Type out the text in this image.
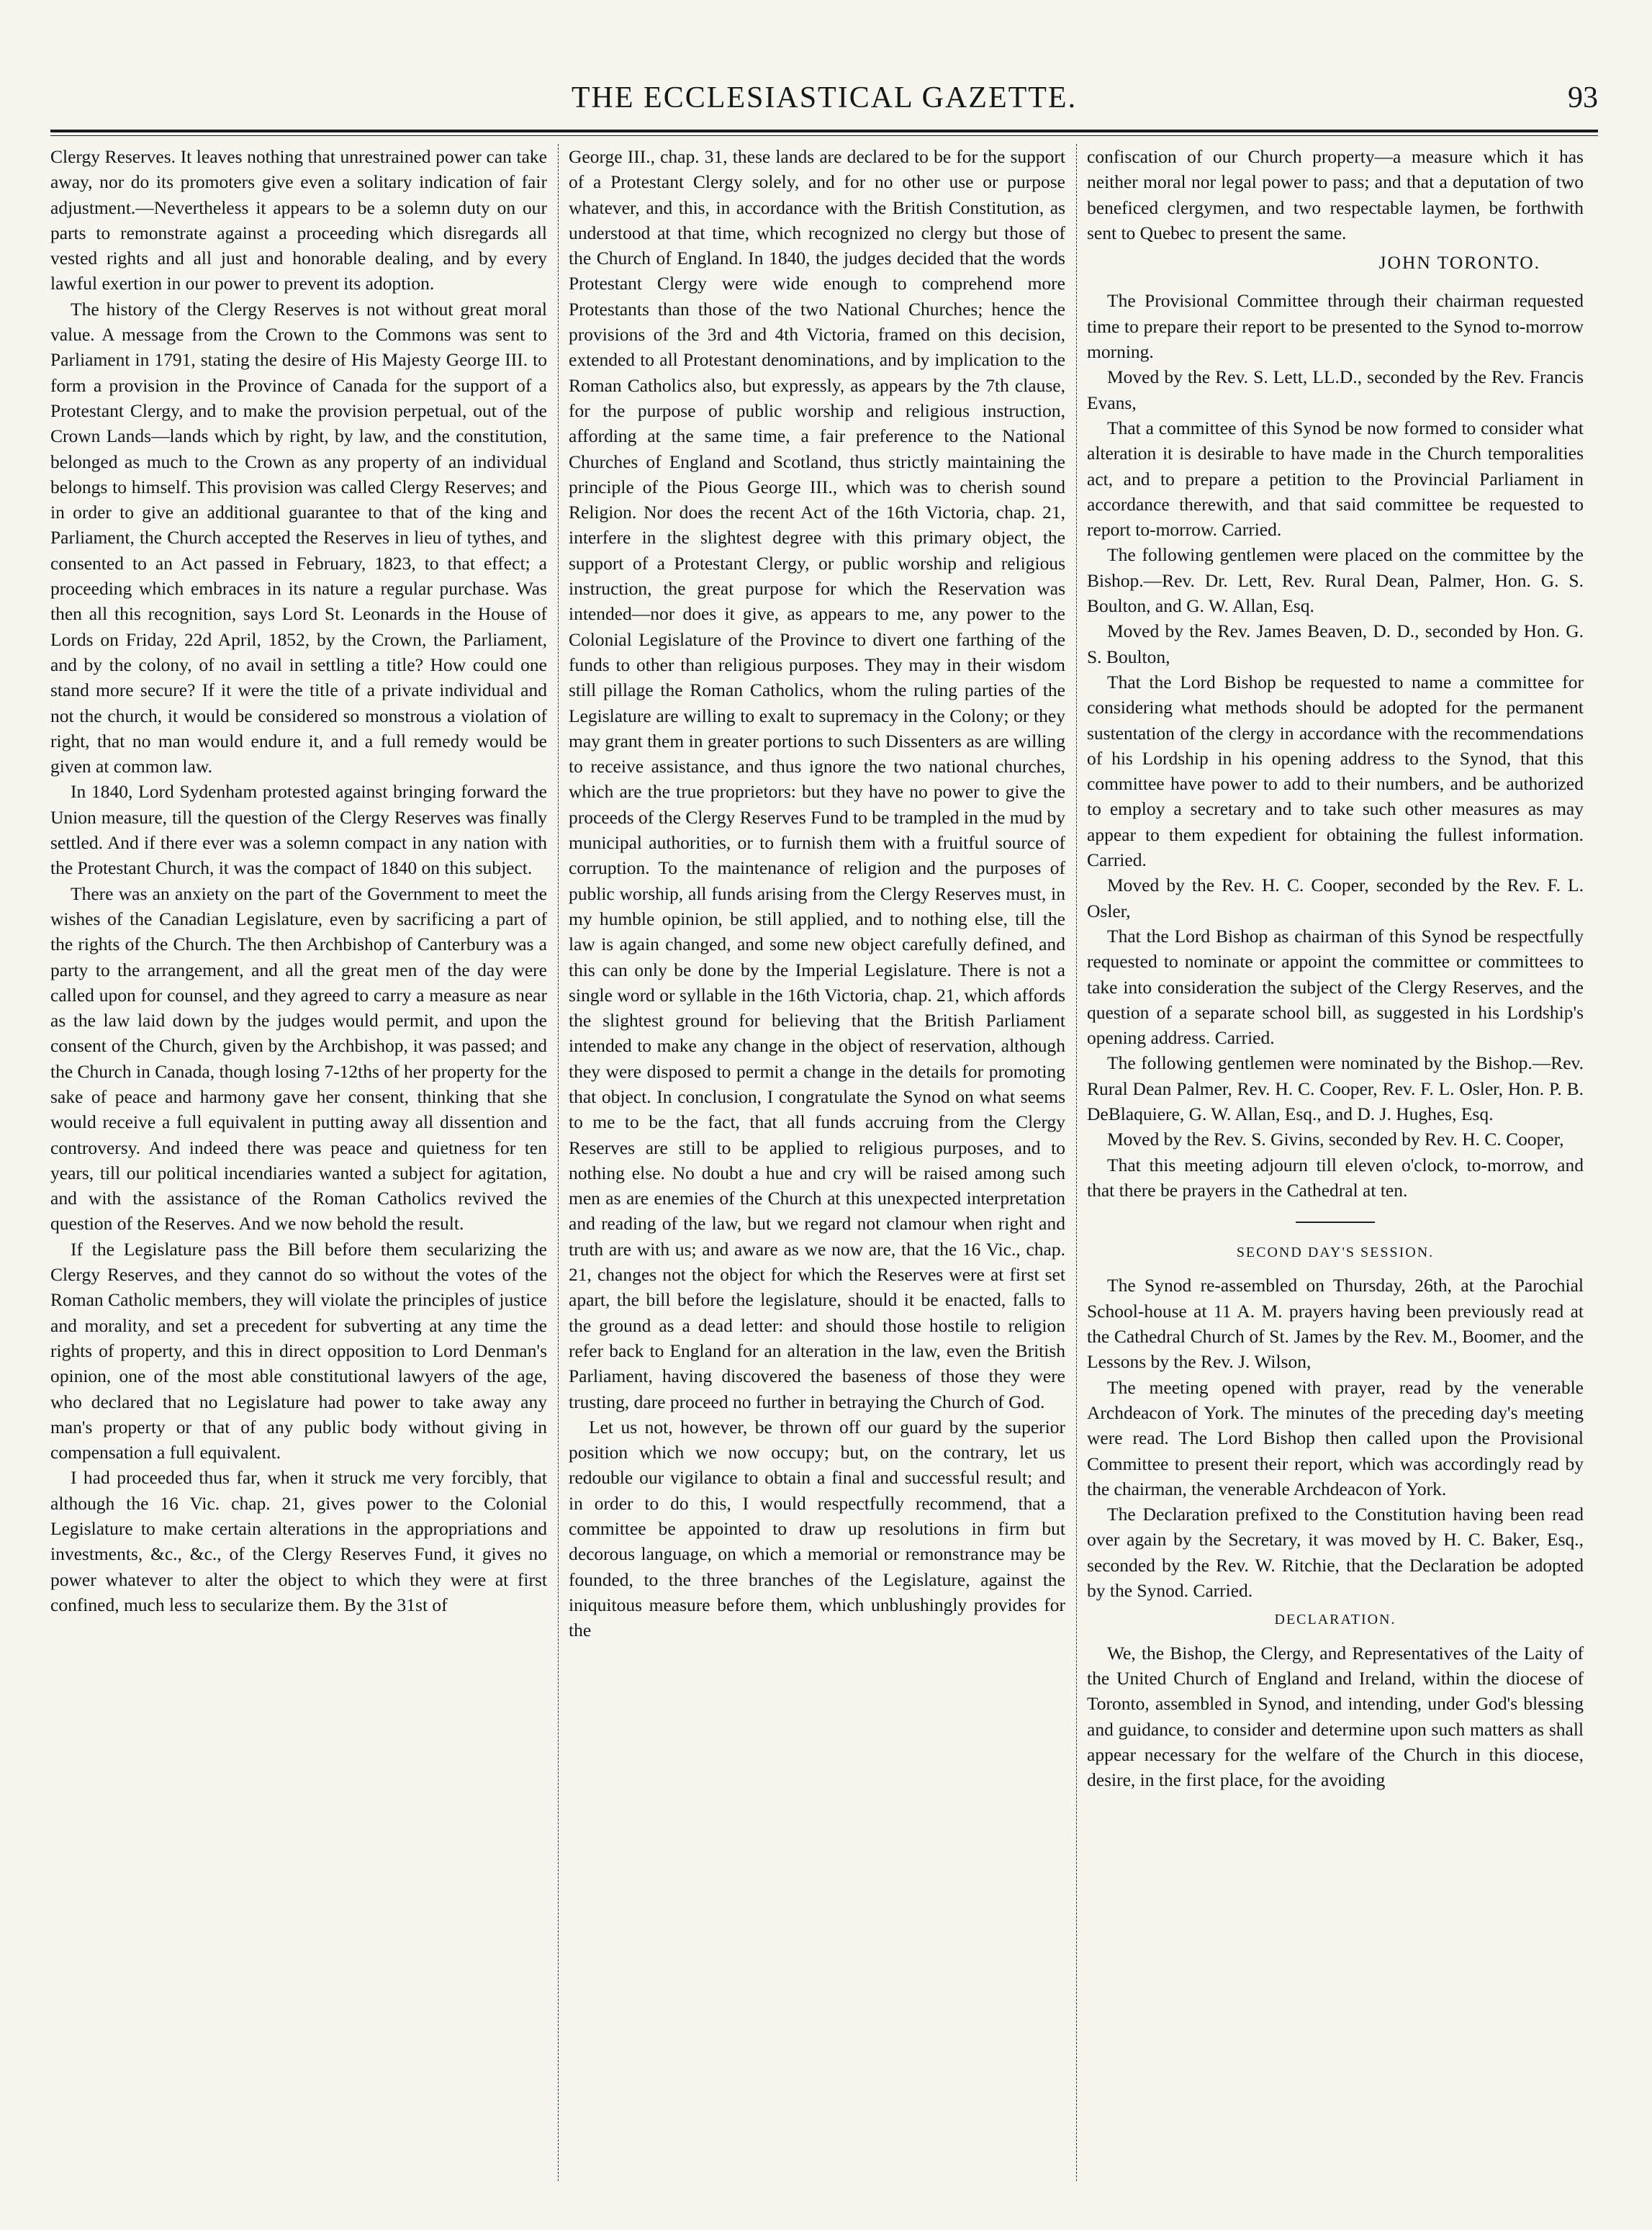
THE ECCLESIASTICAL GAZETTE.	93

Clergy Reserves. It leaves nothing that unrestrained power can take away, nor do its promoters give even a solitary indication of fair adjustment.—Nevertheless it appears to be a solemn duty on our parts to remonstrate against a proceeding which disregards all vested rights and all just and honorable dealing, and by every lawful exertion in our power to prevent its adoption.

The history of the Clergy Reserves is not without great moral value. A message from the Crown to the Commons was sent to Parliament in 1791, stating the desire of His Majesty George III. to form a provision in the Province of Canada for the support of a Protestant Clergy, and to make the provision perpetual, out of the Crown Lands—lands which by right, by law, and the constitution, belonged as much to the Crown as any property of an individual belongs to himself. This provision was called Clergy Reserves; and in order to give an additional guarantee to that of the king and Parliament, the Church accepted the Reserves in lieu of tythes, and consented to an Act passed in February, 1823, to that effect; a proceeding which embraces in its nature a regular purchase. Was then all this recognition, says Lord St. Leonards in the House of Lords on Friday, 22d April, 1852, by the Crown, the Parliament, and by the colony, of no avail in settling a title? How could one stand more secure? If it were the title of a private individual and not the church, it would be considered so monstrous a violation of right, that no man would endure it, and a full remedy would be given at common law.

In 1840, Lord Sydenham protested against bringing forward the Union measure, till the question of the Clergy Reserves was finally settled. And if there ever was a solemn compact in any nation with the Protestant Church, it was the compact of 1840 on this subject.

There was an anxiety on the part of the Government to meet the wishes of the Canadian Legislature, even by sacrificing a part of the rights of the Church. The then Archbishop of Canterbury was a party to the arrangement, and all the great men of the day were called upon for counsel, and they agreed to carry a measure as near as the law laid down by the judges would permit, and upon the consent of the Church, given by the Archbishop, it was passed; and the Church in Canada, though losing 7-12ths of her property for the sake of peace and harmony gave her consent, thinking that she would receive a full equivalent in putting away all dissention and controversy. And indeed there was peace and quietness for ten years, till our political incendiaries wanted a subject for agitation, and with the assistance of the Roman Catholics revived the question of the Reserves. And we now behold the result.

If the Legislature pass the Bill before them secularizing the Clergy Reserves, and they cannot do so without the votes of the Roman Catholic members, they will violate the principles of justice and morality, and set a precedent for subverting at any time the rights of property, and this in direct opposition to Lord Denman's opinion, one of the most able constitutional lawyers of the age, who declared that no Legislature had power to take away any man's property or that of any public body without giving in compensation a full equivalent.

I had proceeded thus far, when it struck me very forcibly, that although the 16 Vic. chap. 21, gives power to the Colonial Legislature to make certain alterations in the appropriations and investments, &c., &c., of the Clergy Reserves Fund, it gives no power whatever to alter the object to which they were at first confined, much less to secularize them. By the 31st of

George III., chap. 31, these lands are declared to be for the support of a Protestant Clergy solely, and for no other use or purpose whatever, and this, in accordance with the British Constitution, as understood at that time, which recognized no clergy but those of the Church of England. In 1840, the judges decided that the words Protestant Clergy were wide enough to comprehend more Protestants than those of the two National Churches; hence the provisions of the 3rd and 4th Victoria, framed on this decision, extended to all Protestant denominations, and by implication to the Roman Catholics also, but expressly, as appears by the 7th clause, for the purpose of public worship and religious instruction, affording at the same time, a fair preference to the National Churches of England and Scotland, thus strictly maintaining the principle of the Pious George III., which was to cherish sound Religion. Nor does the recent Act of the 16th Victoria, chap. 21, interfere in the slightest degree with this primary object, the support of a Protestant Clergy, or public worship and religious instruction, the great purpose for which the Reservation was intended—nor does it give, as appears to me, any power to the Colonial Legislature of the Province to divert one farthing of the funds to other than religious purposes. They may in their wisdom still pillage the Roman Catholics, whom the ruling parties of the Legislature are willing to exalt to supremacy in the Colony; or they may grant them in greater portions to such Dissenters as are willing to receive assistance, and thus ignore the two national churches, which are the true proprietors: but they have no power to give the proceeds of the Clergy Reserves Fund to be trampled in the mud by municipal authorities, or to furnish them with a fruitful source of corruption. To the maintenance of religion and the purposes of public worship, all funds arising from the Clergy Reserves must, in my humble opinion, be still applied, and to nothing else, till the law is again changed, and some new object carefully defined, and this can only be done by the Imperial Legislature. There is not a single word or syllable in the 16th Victoria, chap. 21, which affords the slightest ground for believing that the British Parliament intended to make any change in the object of reservation, although they were disposed to permit a change in the details for promoting that object. In conclusion, I congratulate the Synod on what seems to me to be the fact, that all funds accruing from the Clergy Reserves are still to be applied to religious purposes, and to nothing else. No doubt a hue and cry will be raised among such men as are enemies of the Church at this unexpected interpretation and reading of the law, but we regard not clamour when right and truth are with us; and aware as we now are, that the 16 Vic., chap. 21, changes not the object for which the Reserves were at first set apart, the bill before the legislature, should it be enacted, falls to the ground as a dead letter: and should those hostile to religion refer back to England for an alteration in the law, even the British Parliament, having discovered the baseness of those they were trusting, dare proceed no further in betraying the Church of God.

Let us not, however, be thrown off our guard by the superior position which we now occupy; but, on the contrary, let us redouble our vigilance to obtain a final and successful result; and in order to do this, I would respectfully recommend, that a committee be appointed to draw up resolutions in firm but decorous language, on which a memorial or remonstrance may be founded, to the three branches of the Legislature, against the iniquitous measure before them, which unblushingly provides for the

confiscation of our Church property—a measure which it has neither moral nor legal power to pass; and that a deputation of two beneficed clergymen, and two respectable laymen, be forthwith sent to Quebec to present the same.

JOHN TORONTO.

The Provisional Committee through their chairman requested time to prepare their report to be presented to the Synod to-morrow morning.

Moved by the Rev. S. Lett, LL.D., seconded by the Rev. Francis Evans,

That a committee of this Synod be now formed to consider what alteration it is desirable to have made in the Church temporalities act, and to prepare a petition to the Provincial Parliament in accordance therewith, and that said committee be requested to report to-morrow. Carried.

The following gentlemen were placed on the committee by the Bishop.—Rev. Dr. Lett, Rev. Rural Dean, Palmer, Hon. G. S. Boulton, and G. W. Allan, Esq.

Moved by the Rev. James Beaven, D. D., seconded by Hon. G. S. Boulton,

That the Lord Bishop be requested to name a committee for considering what methods should be adopted for the permanent sustentation of the clergy in accordance with the recommendations of his Lordship in his opening address to the Synod, that this committee have power to add to their numbers, and be authorized to employ a secretary and to take such other measures as may appear to them expedient for obtaining the fullest information. Carried.

Moved by the Rev. H. C. Cooper, seconded by the Rev. F. L. Osler,

That the Lord Bishop as chairman of this Synod be respectfully requested to nominate or appoint the committee or committees to take into consideration the subject of the Clergy Reserves, and the question of a separate school bill, as suggested in his Lordship's opening address. Carried.

The following gentlemen were nominated by the Bishop.—Rev. Rural Dean Palmer, Rev. H. C. Cooper, Rev. F. L. Osler, Hon. P. B. DeBlaquiere, G. W. Allan, Esq., and D. J. Hughes, Esq.

Moved by the Rev. S. Givins, seconded by Rev. H. C. Cooper,

That this meeting adjourn till eleven o'clock, to-morrow, and that there be prayers in the Cathedral at ten.

SECOND DAY'S SESSION.

The Synod re-assembled on Thursday, 26th, at the Parochial School-house at 11 A. M. prayers having been previously read at the Cathedral Church of St. James by the Rev. M., Boomer, and the Lessons by the Rev. J. Wilson,

The meeting opened with prayer, read by the venerable Archdeacon of York. The minutes of the preceding day's meeting were read. The Lord Bishop then called upon the Provisional Committee to present their report, which was accordingly read by the chairman, the venerable Archdeacon of York.

The Declaration prefixed to the Constitution having been read over again by the Secretary, it was moved by H. C. Baker, Esq., seconded by the Rev. W. Ritchie, that the Declaration be adopted by the Synod. Carried.

DECLARATION.

We, the Bishop, the Clergy, and Representatives of the Laity of the United Church of England and Ireland, within the diocese of Toronto, assembled in Synod, and intending, under God's blessing and guidance, to consider and determine upon such matters as shall appear necessary for the welfare of the Church in this diocese, desire, in the first place, for the avoiding
